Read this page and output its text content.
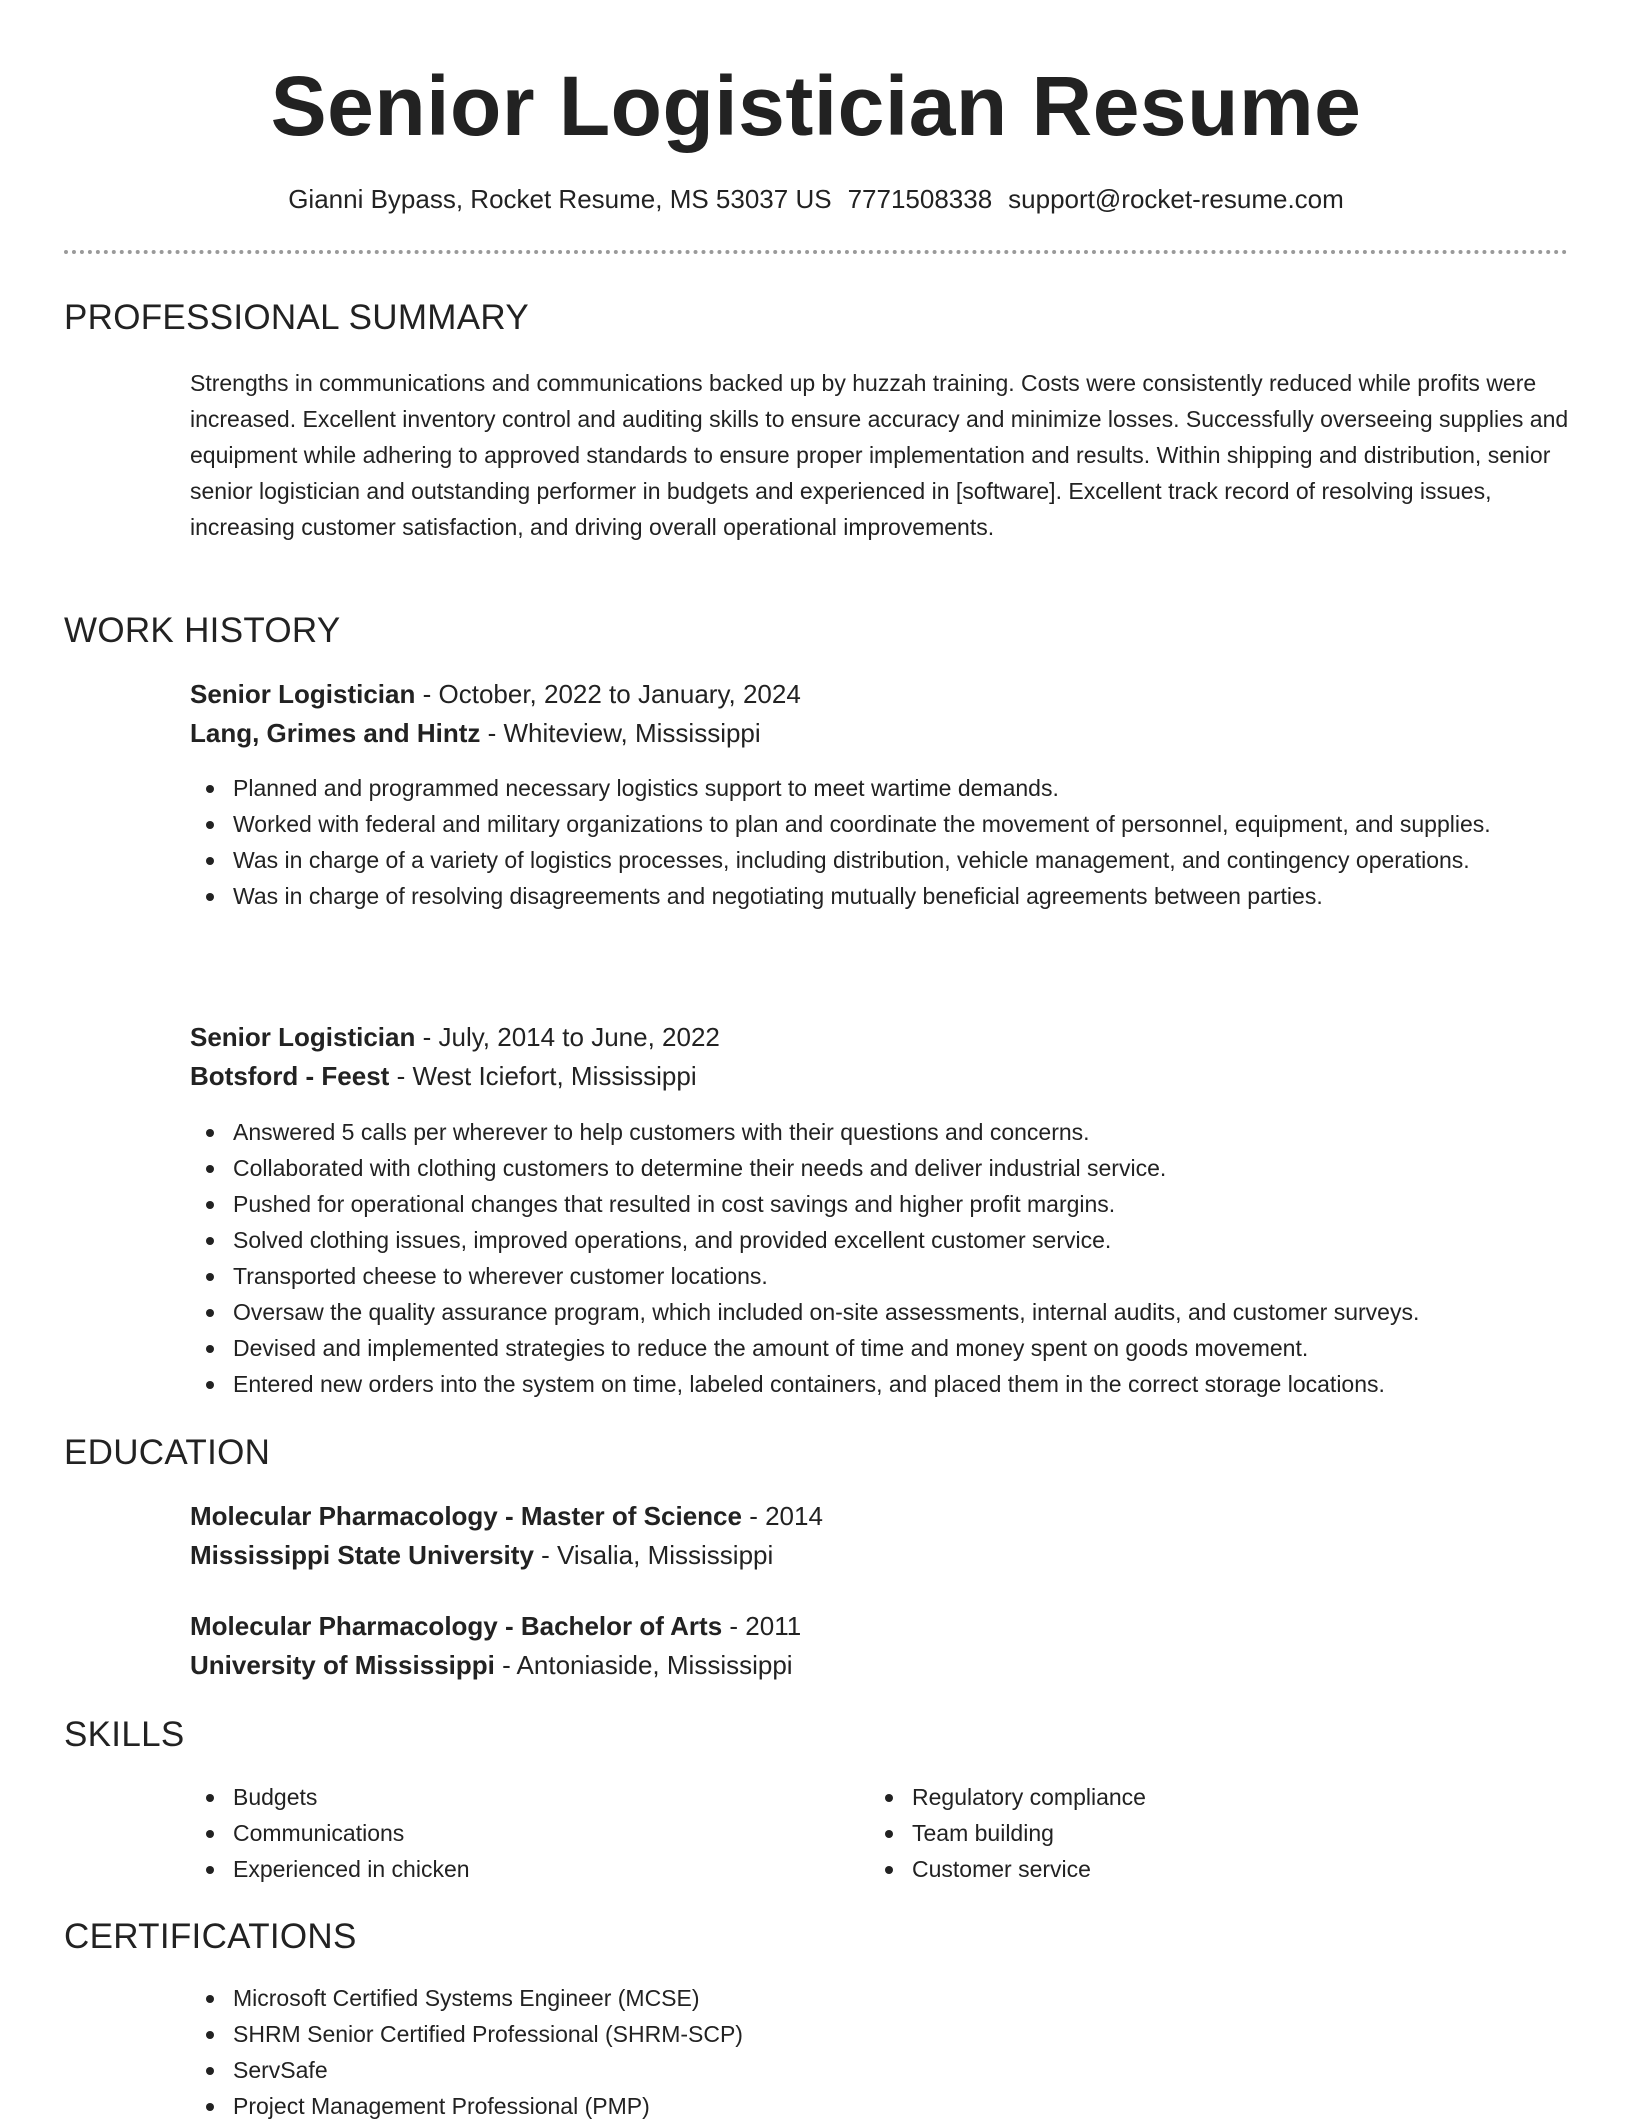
Senior Logistician Resume
Gianni Bypass, Rocket Resume, MS 53037 US 7771508338 support@rocket-resume.com
PROFESSIONAL SUMMARY
Strengths in communications and communications backed up by huzzah training. Costs were consistently reduced while profits were increased. Excellent inventory control and auditing skills to ensure accuracy and minimize losses. Successfully overseeing supplies and equipment while adhering to approved standards to ensure proper implementation and results. Within shipping and distribution, senior senior logistician and outstanding performer in budgets and experienced in [software]. Excellent track record of resolving issues, increasing customer satisfaction, and driving overall operational improvements.
WORK HISTORY
Senior Logistician - October, 2022 to January, 2024
Lang, Grimes and Hintz - Whiteview, Mississippi
Planned and programmed necessary logistics support to meet wartime demands.
Worked with federal and military organizations to plan and coordinate the movement of personnel, equipment, and supplies.
Was in charge of a variety of logistics processes, including distribution, vehicle management, and contingency operations.
Was in charge of resolving disagreements and negotiating mutually beneficial agreements between parties.
Senior Logistician - July, 2014 to June, 2022
Botsford - Feest - West Iciefort, Mississippi
Answered 5 calls per wherever to help customers with their questions and concerns.
Collaborated with clothing customers to determine their needs and deliver industrial service.
Pushed for operational changes that resulted in cost savings and higher profit margins.
Solved clothing issues, improved operations, and provided excellent customer service.
Transported cheese to wherever customer locations.
Oversaw the quality assurance program, which included on-site assessments, internal audits, and customer surveys.
Devised and implemented strategies to reduce the amount of time and money spent on goods movement.
Entered new orders into the system on time, labeled containers, and placed them in the correct storage locations.
EDUCATION
Molecular Pharmacology - Master of Science - 2014
Mississippi State University - Visalia, Mississippi
Molecular Pharmacology - Bachelor of Arts - 2011
University of Mississippi - Antoniaside, Mississippi
SKILLS
Budgets
Communications
Experienced in chicken
Regulatory compliance
Team building
Customer service
CERTIFICATIONS
Microsoft Certified Systems Engineer (MCSE)
SHRM Senior Certified Professional (SHRM-SCP)
ServSafe
Project Management Professional (PMP)
